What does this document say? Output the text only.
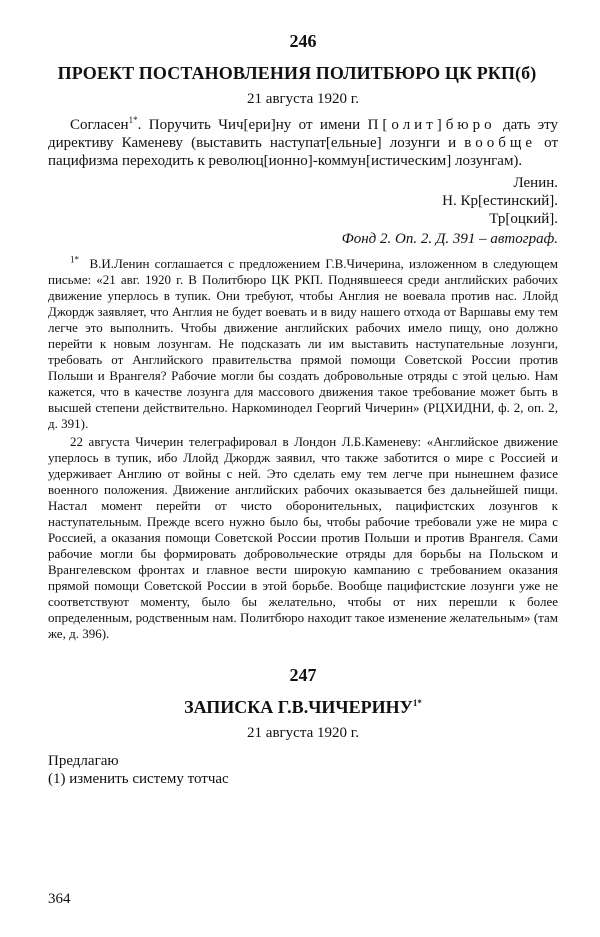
246
ПРОЕКТ ПОСТАНОВЛЕНИЯ ПОЛИТБЮРО ЦК РКП(б)
21 августа 1920 г.

Согласен$^{1*}$. Поручить Чич[ери]ну от имени П[олит]бюро дать эту директиву Каменеву (выставить наступат[ельные] лозунги и вообще от пацифизма переходить к революц[ионно]-коммун[истическим] лозунгам).

Ленин.
Н. Кр[естинский].
Тр[оцкий].
Фонд 2. Оп. 2. Д. 391 – автограф.

$^{1*}$ В.И.Ленин соглашается с предложением Г.В.Чичерина, изложенном в следующем письме: «21 авг. 1920 г. В Политбюро ЦК РКП. Поднявшееся среди английских рабочих движение уперлось в тупик. Они требуют, чтобы Англия не воевала против нас. Ллойд Джордж заявляет, что Англия не будет воевать и в виду нашего отхода от Варшавы ему тем легче это выполнить. Чтобы движение английских рабочих имело пищу, оно должно перейти к новым лозунгам. Не подсказать ли им выставить наступательные лозунги, требовать от Английского правительства прямой помощи Советской России против Польши и Врангеля? Рабочие могли бы создать добровольные отряды с этой целью. Нам кажется, что в качестве лозунга для массового движения такое требование может быть в высшей степени действительно. Наркоминодел Георгий Чичерин» (РЦХИДНИ, ф. 2, оп. 2, д. 391).

22 августа Чичерин телеграфировал в Лондон Л.Б.Каменеву: «Английское движение уперлось в тупик, ибо Ллойд Джордж заявил, что также заботится о мире с Россией и удерживает Англию от войны с ней. Это сделать ему тем легче при нынешнем фазисе военного положения. Движение английских рабочих оказывается без дальнейшей пищи. Настал момент перейти от чисто оборонительных, пацифистских лозунгов к наступательным. Прежде всего нужно было бы, чтобы рабочие требовали уже не мира с Россией, а оказания помощи Советской России против Польши и против Врангеля. Сами рабочие могли бы формировать добровольческие отряды для борьбы на Польском и Врангелевском фронтах и главное вести широкую кампанию с требованием оказания прямой помощи Советской России в этой борьбе. Вообще пацифистские лозунги уже не соответствуют моменту, было бы желательно, чтобы от них перешли к более определенным, родственным нам. Политбюро находит такое изменение желательным» (там же, д. 396).

247
ЗАПИСКА $Г.В.ЧИЧЕРИНУ^{1*}$
21 августа 1920 г.

Предлагаю

(1) изменить систему тотчас

364
